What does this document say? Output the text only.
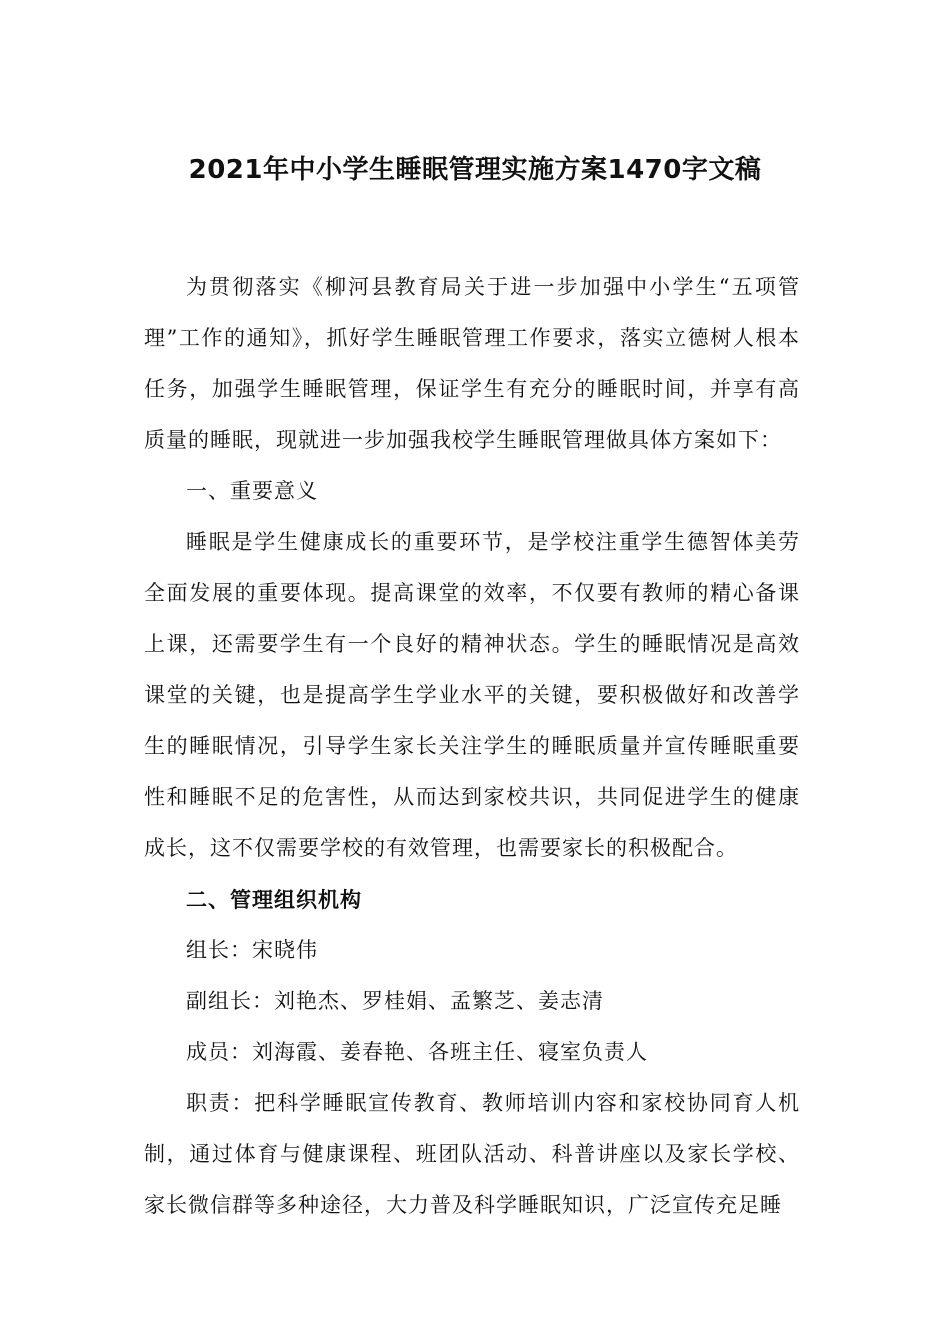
2021年中小学生睡眠管理实施方案1470字文稿

为贯彻落实《柳河县教育局关于进一步加强中小学生“五项管理”工作的通知》，抓好学生睡眠管理工作要求，落实立德树人根本任务，加强学生睡眠管理，保证学生有充分的睡眠时间，并享有高质量的睡眠，现就进一步加强我校学生睡眠管理做具体方案如下：

一、重要意义

睡眠是学生健康成长的重要环节，是学校注重学生德智体美劳全面发展的重要体现。提高课堂的效率，不仅要有教师的精心备课上课，还需要学生有一个良好的精神状态。学生的睡眠情况是高效课堂的关键，也是提高学生学业水平的关键，要积极做好和改善学生的睡眠情况，引导学生家长关注学生的睡眠质量并宣传睡眠重要性和睡眠不足的危害性，从而达到家校共识，共同促进学生的健康成长，这不仅需要学校的有效管理，也需要家长的积极配合。

二、管理组织机构

组长：宋晓伟

副组长：刘艳杰、罗桂娟、孟繁芝、姜志清

成员：刘海霞、姜春艳、各班主任、寝室负责人

职责：把科学睡眠宣传教育、教师培训内容和家校协同育人机制，通过体育与健康课程、班团队活动、科普讲座以及家长学校、家长微信群等多种途径，大力普及科学睡眠知识，广泛宣传充足睡
